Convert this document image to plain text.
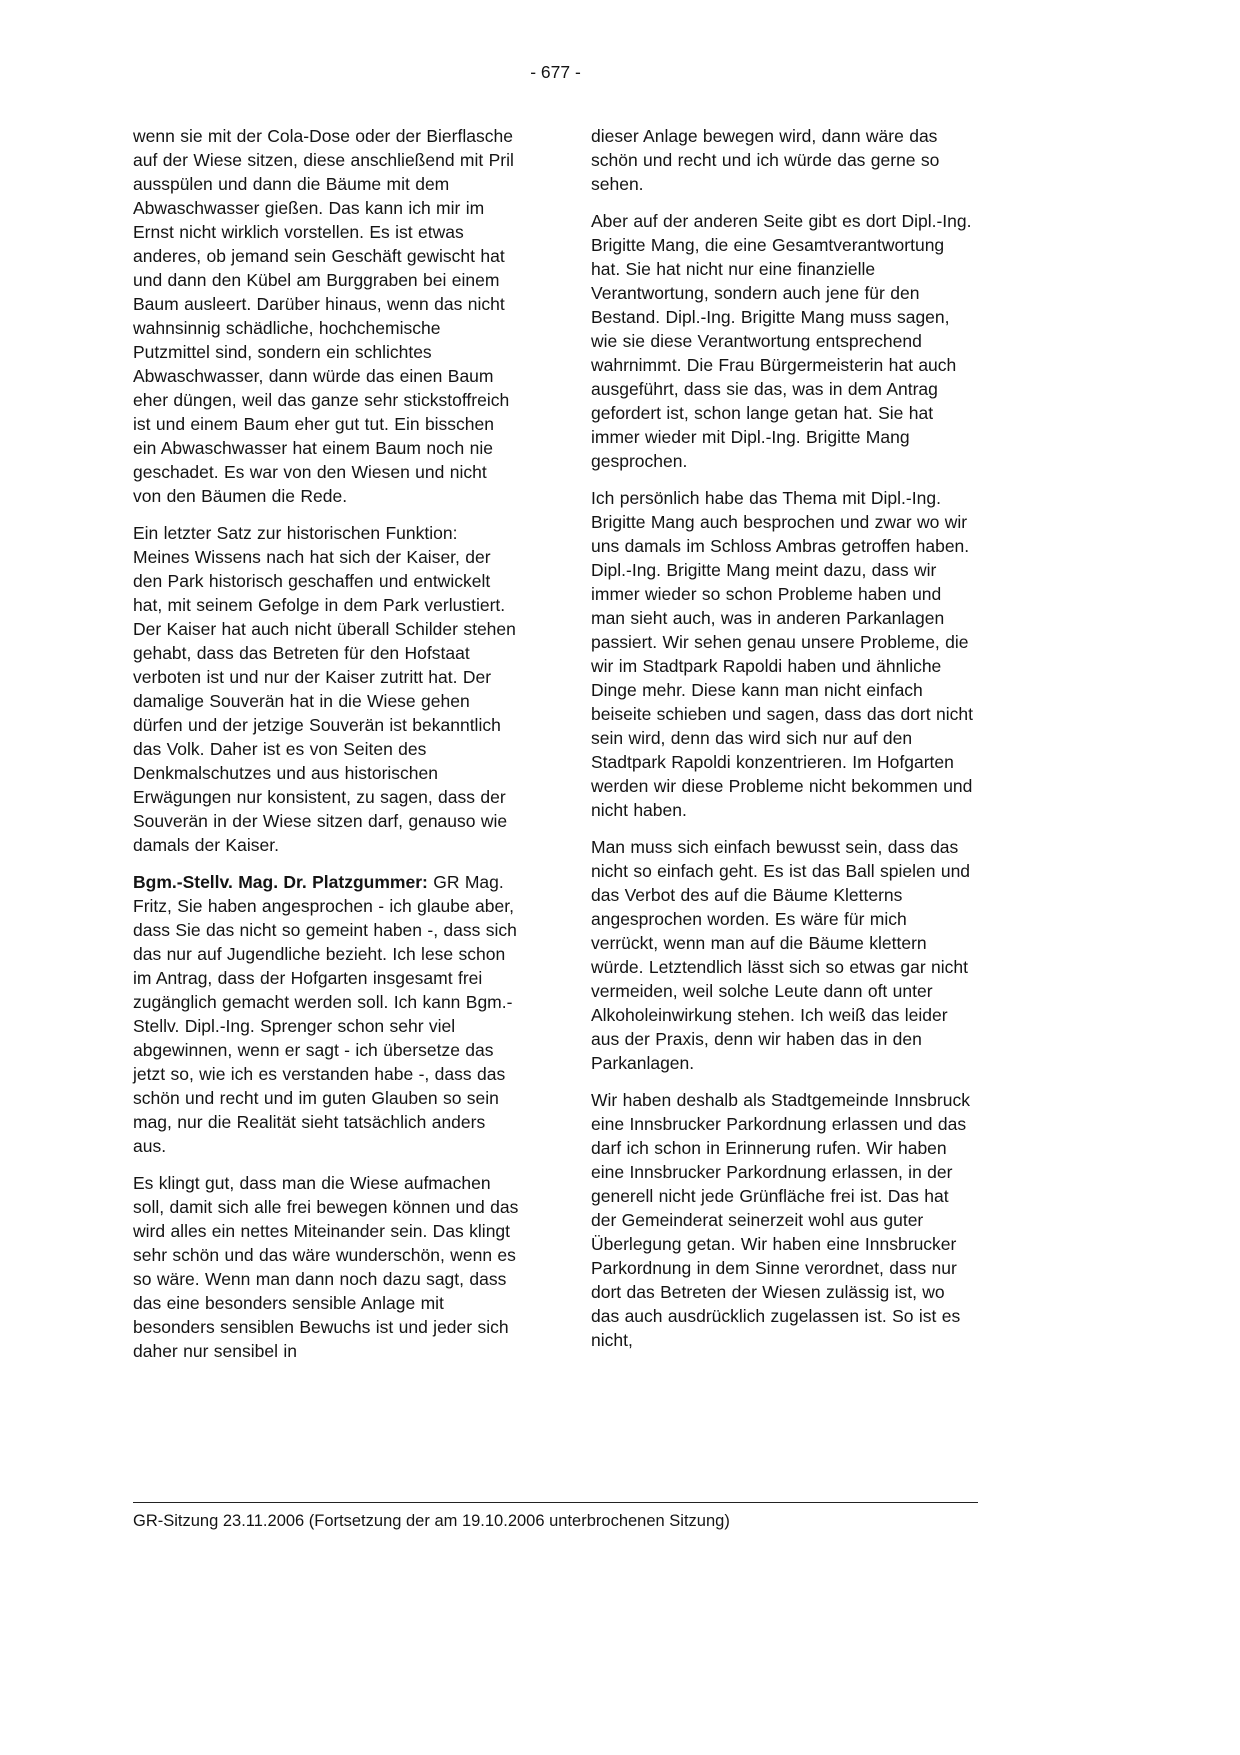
- 677 -

wenn sie mit der Cola-Dose oder der Bierflasche auf der Wiese sitzen, diese anschließend mit Pril ausspülen und dann die Bäume mit dem Abwaschwasser gießen. Das kann ich mir im Ernst nicht wirklich vorstellen. Es ist etwas anderes, ob jemand sein Geschäft gewischt hat und dann den Kübel am Burggraben bei einem Baum ausleert. Darüber hinaus, wenn das nicht wahnsinnig schädliche, hochchemische Putzmittel sind, sondern ein schlichtes Abwaschwasser, dann würde das einen Baum eher düngen, weil das ganze sehr stickstoffreich ist und einem Baum eher gut tut. Ein bisschen ein Abwaschwasser hat einem Baum noch nie geschadet. Es war von den Wiesen und nicht von den Bäumen die Rede.

Ein letzter Satz zur historischen Funktion: Meines Wissens nach hat sich der Kaiser, der den Park historisch geschaffen und entwickelt hat, mit seinem Gefolge in dem Park verlustiert. Der Kaiser hat auch nicht überall Schilder stehen gehabt, dass das Betreten für den Hofstaat verboten ist und nur der Kaiser zutritt hat. Der damalige Souverän hat in die Wiese gehen dürfen und der jetzige Souverän ist bekanntlich das Volk. Daher ist es von Seiten des Denkmalschutzes und aus historischen Erwägungen nur konsistent, zu sagen, dass der Souverän in der Wiese sitzen darf, genauso wie damals der Kaiser.

Bgm.-Stellv. Mag. Dr. Platzgummer: GR Mag. Fritz, Sie haben angesprochen - ich glaube aber, dass Sie das nicht so gemeint haben -, dass sich das nur auf Jugendliche bezieht. Ich lese schon im Antrag, dass der Hofgarten insgesamt frei zugänglich gemacht werden soll. Ich kann Bgm.-Stellv. Dipl.-Ing. Sprenger schon sehr viel abgewinnen, wenn er sagt - ich übersetze das jetzt so, wie ich es verstanden habe -, dass das schön und recht und im guten Glauben so sein mag, nur die Realität sieht tatsächlich anders aus.

Es klingt gut, dass man die Wiese aufmachen soll, damit sich alle frei bewegen können und das wird alles ein nettes Miteinander sein. Das klingt sehr schön und das wäre wunderschön, wenn es so wäre. Wenn man dann noch dazu sagt, dass das eine besonders sensible Anlage mit besonders sensiblen Bewuchs ist und jeder sich daher nur sensibel in

dieser Anlage bewegen wird, dann wäre das schön und recht und ich würde das gerne so sehen.

Aber auf der anderen Seite gibt es dort Dipl.-Ing. Brigitte Mang, die eine Gesamtverantwortung hat. Sie hat nicht nur eine finanzielle Verantwortung, sondern auch jene für den Bestand. Dipl.-Ing. Brigitte Mang muss sagen, wie sie diese Verantwortung entsprechend wahrnimmt. Die Frau Bürgermeisterin hat auch ausgeführt, dass sie das, was in dem Antrag gefordert ist, schon lange getan hat. Sie hat immer wieder mit Dipl.-Ing. Brigitte Mang gesprochen.

Ich persönlich habe das Thema mit Dipl.-Ing. Brigitte Mang auch besprochen und zwar wo wir uns damals im Schloss Ambras getroffen haben. Dipl.-Ing. Brigitte Mang meint dazu, dass wir immer wieder so schon Probleme haben und man sieht auch, was in anderen Parkanlagen passiert. Wir sehen genau unsere Probleme, die wir im Stadtpark Rapoldi haben und ähnliche Dinge mehr. Diese kann man nicht einfach beiseite schieben und sagen, dass das dort nicht sein wird, denn das wird sich nur auf den Stadtpark Rapoldi konzentrieren. Im Hofgarten werden wir diese Probleme nicht bekommen und nicht haben.

Man muss sich einfach bewusst sein, dass das nicht so einfach geht. Es ist das Ball spielen und das Verbot des auf die Bäume Kletterns angesprochen worden. Es wäre für mich verrückt, wenn man auf die Bäume klettern würde. Letztendlich lässt sich so etwas gar nicht vermeiden, weil solche Leute dann oft unter Alkoholeinwirkung stehen. Ich weiß das leider aus der Praxis, denn wir haben das in den Parkanlagen.

Wir haben deshalb als Stadtgemeinde Innsbruck eine Innsbrucker Parkordnung erlassen und das darf ich schon in Erinnerung rufen. Wir haben eine Innsbrucker Parkordnung erlassen, in der generell nicht jede Grünfläche frei ist. Das hat der Gemeinderat seinerzeit wohl aus guter Überlegung getan. Wir haben eine Innsbrucker Parkordnung in dem Sinne verordnet, dass nur dort das Betreten der Wiesen zulässig ist, wo das auch ausdrücklich zugelassen ist. So ist es nicht,

GR-Sitzung 23.11.2006 (Fortsetzung der am 19.10.2006 unterbrochenen Sitzung)
